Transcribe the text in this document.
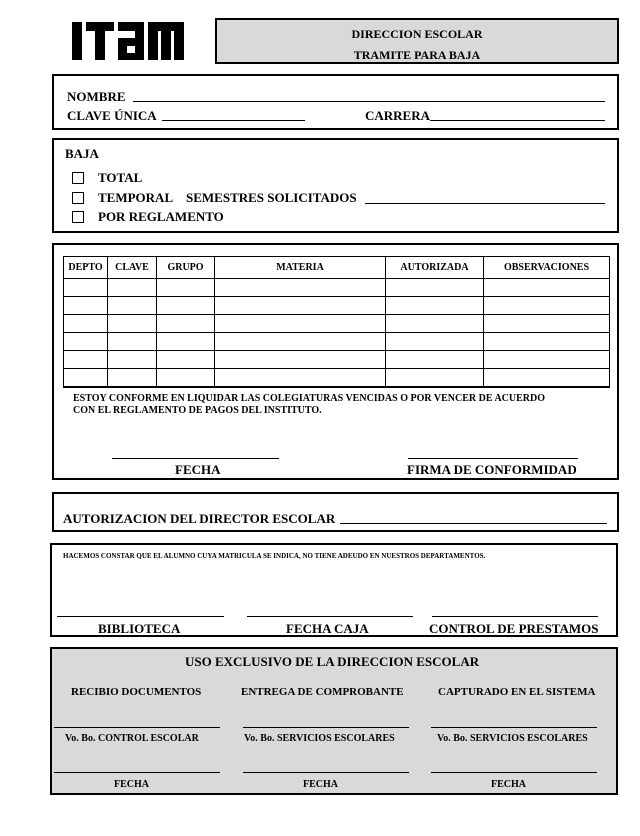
DIRECCION ESCOLAR
TRAMITE PARA BAJA
NOMBRE
CLAVE ÚNICA	CARRERA
BAJA
TOTAL
TEMPORAL SEMESTRES SOLICITADOS
POR REGLAMENTO
DEPTO	CLAVE	GRUPO	MATERIA	AUTORIZADA	OBSERVACIONES

ESTOY CONFORME EN LIQUIDAR LAS COLEGIATURAS VENCIDAS O POR VENCER DE ACUERDO
CON EL REGLAMENTO DE PAGOS DEL INSTITUTO.
FECHA	FIRMA DE CONFORMIDAD
AUTORIZACION DEL DIRECTOR ESCOLAR
HACEMOS CONSTAR QUE EL ALUMNO CUYA MATRICULA SE INDICA, NO TIENE ADEUDO EN NUESTROS DEPARTAMENTOS.
BIBLIOTECA	FECHA CAJA	CONTROL DE PRESTAMOS
USO EXCLUSIVO DE LA DIRECCION ESCOLAR
RECIBIO DOCUMENTOS	ENTREGA DE COMPROBANTE	CAPTURADO EN EL SISTEMA
Vo. Bo. CONTROL ESCOLAR	Vo. Bo. SERVICIOS ESCOLARES	Vo. Bo. SERVICIOS ESCOLARES
FECHA	FECHA	FECHA
